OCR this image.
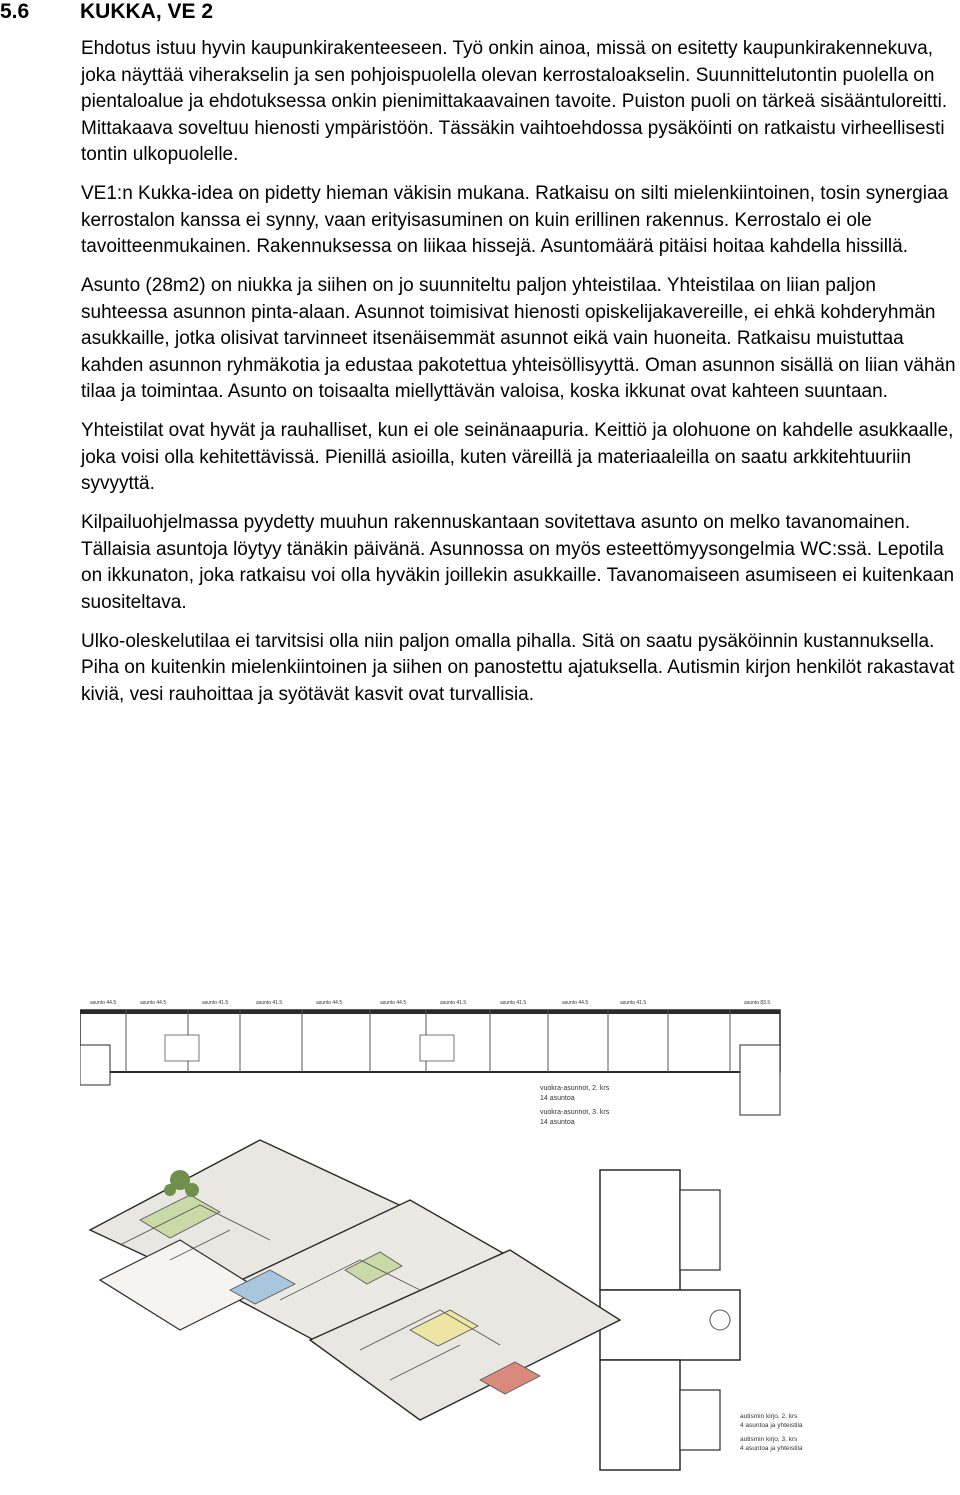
5.6 KUKKA, VE 2

Ehdotus istuu hyvin kaupunkirakenteeseen. Työ onkin ainoa, missä on esitetty kaupunkirakennekuva, joka näyttää viherakselin ja sen pohjoispuolella olevan kerrostaloakselin. Suunnittelutontin puolella on pientaloalue ja ehdotuksessa onkin pienimittakaavainen tavoite. Puiston puoli on tärkeä sisääntuloreitti. Mittakaava soveltuu hienosti ympäristöön. Tässäkin vaihtoehdossa pysäköinti on ratkaistu virheellisesti tontin ulkopuolelle.

VE1:n Kukka-idea on pidetty hieman väkisin mukana. Ratkaisu on silti mielenkiintoinen, tosin synergiaa kerrostalon kanssa ei synny, vaan erityisasuminen on kuin erillinen rakennus. Kerrostalo ei ole tavoitteenmukainen. Rakennuksessa on liikaa hissejä. Asuntomäärä pitäisi hoitaa kahdella hissillä.

Asunto (28m2) on niukka ja siihen on jo suunniteltu paljon yhteistilaa. Yhteistilaa on liian paljon suhteessa asunnon pinta-alaan. Asunnot toimisivat hienosti opiskelijakavereille, ei ehkä kohderyhmän asukkaille, jotka olisivat tarvinneet itsenäisemmät asunnot eikä vain huoneita. Ratkaisu muistuttaa kahden asunnon ryhmäkotia ja edustaa pakotettua yhteisöllisyyttä. Oman asunnon sisällä on liian vähän tilaa ja toimintaa. Asunto on toisaalta miellyttävän valoisa, koska ikkunat ovat kahteen suuntaan.

Yhteistilat ovat hyvät ja rauhalliset, kun ei ole seinänaapuria. Keittiö ja olohuone on kahdelle asukkaalle, joka voisi olla kehitettävissä. Pienillä asioilla, kuten väreillä ja materiaaleilla on saatu arkkitehtuuriin syvyyttä.

Kilpailuohjelmassa pyydetty muuhun rakennuskantaan sovitettava asunto on melko tavanomainen. Tällaisia asuntoja löytyy tänäkin päivänä. Asunnossa on myös esteettömyysongelmia WC:ssä. Lepotila on ikkunaton, joka ratkaisu voi olla hyväkin joillekin asukkaille. Tavanomaiseen asumiseen ei kuitenkaan suositeltava.

Ulko-oleskelutilaa ei tarvitsisi olla niin paljon omalla pihalla. Sitä on saatu pysäköinnin kustannuksella. Piha on kuitenkin mielenkiintoinen ja siihen on panostettu ajatuksella. Autismin kirjon henkilöt rakastavat kiviä, vesi rauhoittaa ja syötävät kasvit ovat turvallisia.

vuokra-asunnot, 2. krs
14 asuntoa
vuokra-asunnot, 3. krs
14 asuntoa
autismin kirjo, 2. krs
4 asuntoa ja yhteistila
autismin kirjo, 3. krs
4 asuntoa ja yhteistila
asunto 44.5	asunto 44.5	asunto 41.5	asunto 41.5	asunto 44.5	asunto 44.5	asunto 41.5	asunto 41.5	asunto 44.5	asunto 41.5	asunto 83.5
